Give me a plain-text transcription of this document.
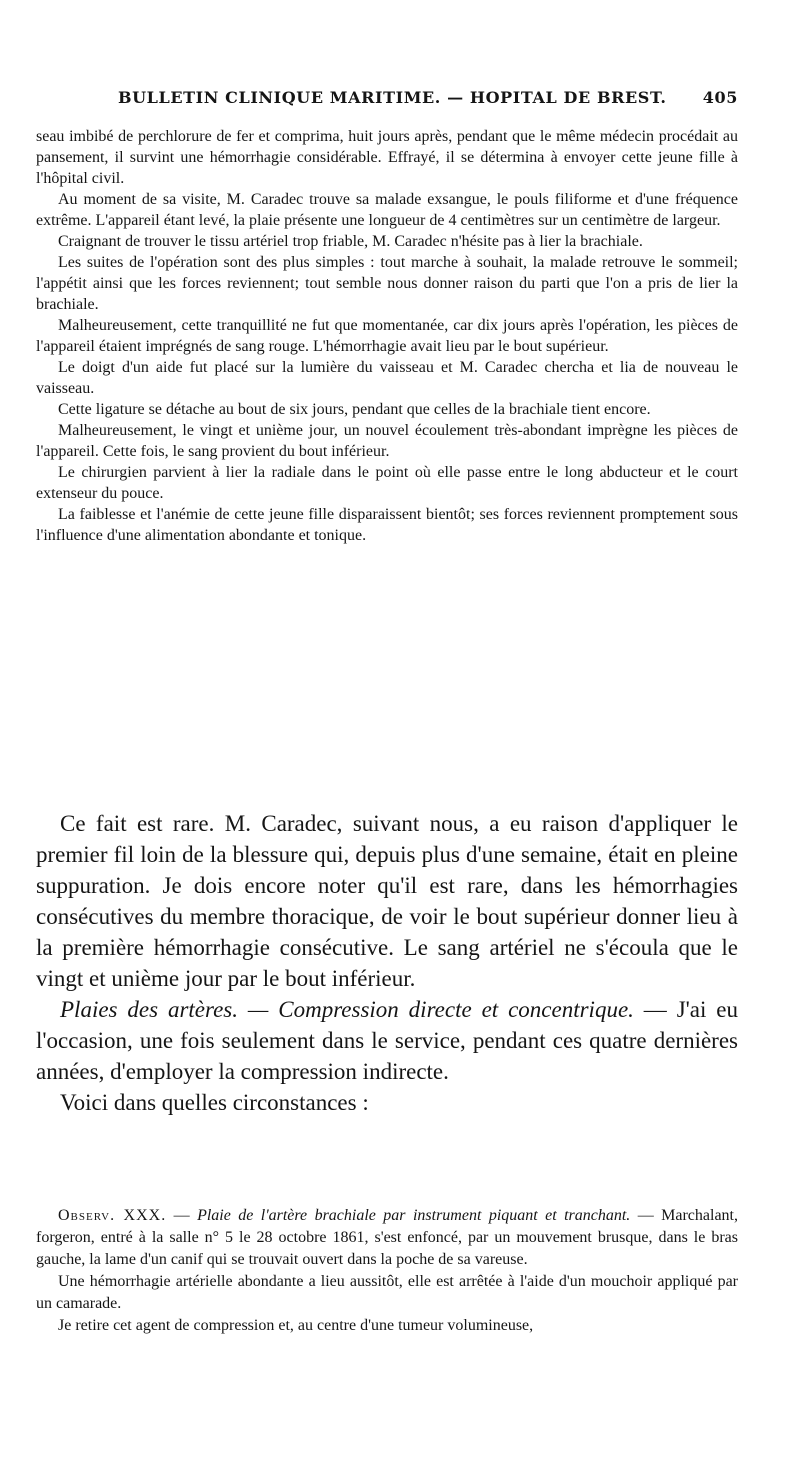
BULLETIN CLINIQUE MARITIME. — HOPITAL DE BREST. 405

seau imbibé de perchlorure de fer et comprima, huit jours après, pendant que le même médecin procédait au pansement, il survint une hémorrhagie considérable. Effrayé, il se détermina à envoyer cette jeune fille à l'hôpital civil.

Au moment de sa visite, M. Caradec trouve sa malade exsangue, le pouls filiforme et d'une fréquence extrême. L'appareil étant levé, la plaie présente une longueur de 4 centimètres sur un centimètre de largeur.

Craignant de trouver le tissu artériel trop friable, M. Caradec n'hésite pas à lier la brachiale.

Les suites de l'opération sont des plus simples : tout marche à souhait, la malade retrouve le sommeil; l'appétit ainsi que les forces reviennent; tout semble nous donner raison du parti que l'on a pris de lier la brachiale.

Malheureusement, cette tranquillité ne fut que momentanée, car dix jours après l'opération, les pièces de l'appareil étaient imprégnés de sang rouge. L'hémorrhagie avait lieu par le bout supérieur.

Le doigt d'un aide fut placé sur la lumière du vaisseau et M. Caradec chercha et lia de nouveau le vaisseau.

Cette ligature se détache au bout de six jours, pendant que celles de la brachiale tient encore.

Malheureusement, le vingt et unième jour, un nouvel écoulement très-abondant imprègne les pièces de l'appareil. Cette fois, le sang provient du bout inférieur.

Le chirurgien parvient à lier la radiale dans le point où elle passe entre le long abducteur et le court extenseur du pouce.

La faiblesse et l'anémie de cette jeune fille disparaissent bientôt; ses forces reviennent promptement sous l'influence d'une alimentation abondante et tonique.

Ce fait est rare. M. Caradec, suivant nous, a eu raison d'appliquer le premier fil loin de la blessure qui, depuis plus d'une semaine, était en pleine suppuration. Je dois encore noter qu'il est rare, dans les hémorrhagies consécutives du membre thoracique, de voir le bout supérieur donner lieu à la première hémorrhagie consécutive. Le sang artériel ne s'écoula que le vingt et unième jour par le bout inférieur.

Plaies des artères. — Compression directe et concentrique. — J'ai eu l'occasion, une fois seulement dans le service, pendant ces quatre dernières années, d'employer la compression indirecte.

Voici dans quelles circonstances :

Observ. XXX. — Plaie de l'artère brachiale par instrument piquant et tranchant. — Marchalant, forgeron, entré à la salle n° 5 le 28 octobre 1861, s'est enfoncé, par un mouvement brusque, dans le bras gauche, la lame d'un canif qui se trouvait ouvert dans la poche de sa vareuse.

Une hémorrhagie artérielle abondante a lieu aussitôt, elle est arrêtée à l'aide d'un mouchoir appliqué par un camarade.

Je retire cet agent de compression et, au centre d'une tumeur volumineuse,
